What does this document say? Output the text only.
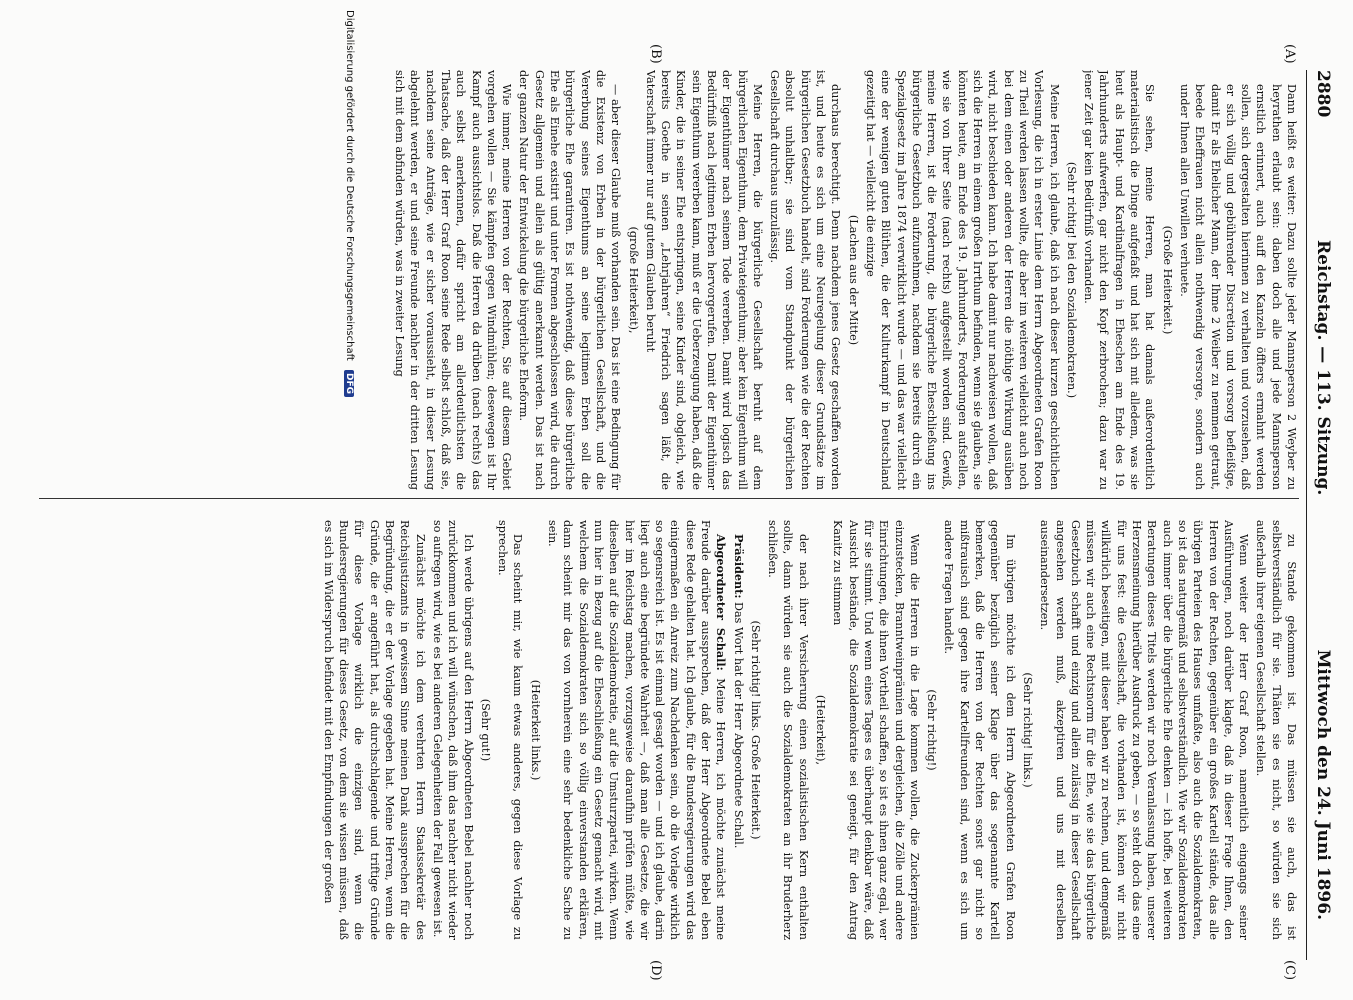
2880
Reichstag. — 113. Sitzung.
Mittwoch den 24. Juni 1896.
(A)
(B)
(C)
(D)

Dann heißt es weiter: Dazu sollte jeder Mannsperson 2 Weyber zu heyrathen erlaubt sein: daben doch alle und jede Mannsperson ernstlich erinnert, auch auff den Kanzeln öffters ermahnt werden sollen, sich dergestalten hierinnen zu verhalten und vorzusehen, daß er sich völlig und gebührender Discretion und vorsorg befleißige, damit Er als Ehelicher Mann, der Ihme 2 Weiber zu nemmen getraut, beede Eheffrauen nicht allein nothwendig versorge, sondern auch under Ihnen allen Unwillen verhuete.

(Große Heiterkeit.)

Sie sehen, meine Herren, man hat damals außerordentlich materialistisch die Dinge aufgefaßt und hat sich mit alledem, was sie heut als Haupt- und Kardinalfragen in Eheschen am Ende des 19. Jahrhunderts aufwerfen, gar nicht den Kopf zerbrochen; dazu war zu jener Zeit gar kein Bedürfniß vorhanden.

(Sehr richtig! bei den Sozialdemokraten.)

Meine Herren, ich glaube, daß ich nach dieser kurzen geschichtlichen Vorlesung, die ich in erster Linie dem Herrn Abgeordneten Grafen Roon zu Theil werden lassen wollte, die aber im weiteren vielleicht auch noch bei dem einen oder anderen der Herren die nöthige Wirkung ausüben wird, nicht beschieden kann. Ich habe damit nur nachweisen wollen, daß sich die Herren in einem großen Irrthum befinden, wenn sie glauben, sie könnten heute, am Ende des 19. Jahrhunderts, Forderungen aufstellen, wie sie von Ihrer Seite (nach rechts) aufgestellt worden sind. Gewiß, meine Herren, ist die Forderung, die bürgerliche Eheschließung ins bürgerliche Gesetzbuch aufzunehmen, nachdem sie bereits durch ein Spezialgesetz im Jahre 1874 verwirklicht wurde — und das war vielleicht eine der wenigen guten Blüthen, die der Kulturkampf in Deutschland gezeitigt hat — vielleicht die einzige

(Lachen aus der Mitte)

durchaus berechtigt. Denn nachdem jenes Gesetz geschaffen worden ist, und heute es sich um eine Neuregelung dieser Grundsätze im bürgerlichen Gesetzbuch handelt, sind Forderungen wie die der Rechten absolut unhaltbar; sie sind vom Standpunkt der bürgerlichen Gesellschaft durchaus unzulässig.

Meine Herren, die bürgerliche Gesellschaft beruht auf dem bürgerlichen Eigenthum, dem Privateigenthum; aber kein Eigenthum will der Eigenthümer nach seinem Tode vererben. Damit wird logisch das Bedürfniß nach legitimen Erben hervorgerufen. Damit der Eigenthümer sein Eigenthum vererben kann, muß er die Ueberzeugung haben, daß die Kinder, die in seiner Ehe entspringen, seine Kinder sind, obgleich, wie bereits Goethe in seinen „Lehrjahren“ Friedrich sagen läßt, die Vaterschaft immer nur auf gutem Glauben beruht

(große Heiterkeit),

— aber dieser Glaube muß vorhanden sein. Das ist eine Bedingung für die Existenz von Erben in der bürgerlichen Gesellschaft, und die Vererbung seines Eigenthums an seine legitimen Erben soll die bürgerliche Ehe garantiren. Es ist nothwendig, daß diese bürgerliche Ehe als Einehe existirt und unter Formen abgeschlossen wird, die durch Gesetz allgemein und allein als gültig anerkannt werden. Das ist nach der ganzen Natur der Entwickelung die bürgerliche Eheform.

Wie immer, meine Herren von der Rechten, Sie auf diesem Gebiet vorgehen wollen — Sie kämpfen gegen Windmühlen; desewegen ist Ihr Kampf auch aussichtslos. Daß die Herren da drüben (nach rechts) das auch selbst anerkennen, dafür spricht am allerdeutlichsten die Thatsache, daß der Herr Graf Roon seine Rede selbst schloß, daß sie, nachdem seine Anträge, wie er sicher voraussieht, in dieser Lesung abgelehnt werden, er und seine Freunde nachher in der dritten Lesung sich mit dem abfinden würden, was in zweiter Lesung

zu Stande gekommen ist. Das müssen sie auch, das ist selbstverständlich für sie. Thäten sie es nicht, so würden sie sich außerhalb ihrer eigenen Gesellschaft stellen.

Wenn weiter der Herr Graf Roon, namentlich eingangs seiner Ausführungen, noch darüber klagte, daß in dieser Frage Ihnen, den Herren von der Rechten, gegenüber ein großes Kartell stände, das alle übrigen Parteien des Hauses umfaßte, also auch die Sozialdemokraten, so ist das naturgemäß und selbstverständlich. Wie wir Sozialdemokraten auch immer über die bürgerliche Ehe denken — ich hoffe, bei weiteren Beratungen dieses Titels werden wir noch Veranlassung haben, unserer Herzensmeinung hierüber Ausdruck zu geben, — so steht doch das eine für uns fest: die Gesellschaft, die vorhanden ist, können wir nicht willkürlich beseitigen, mit dieser haben wir zu rechnen, und demgemäß müssen wir auch eine Rechtsnorm für die Ehe, wie sie das bürgerliche Gesetzbuch schafft und einzig und allein zulässig in dieser Gesellschaft angesehen werden muß, akzeptiren und uns mit derselben auseinandersetzen.

(Sehr richtig! links.)

Im übrigen möchte ich dem Herrn Abgeordneten Grafen Roon gegenüber bezüglich seiner Klage über das sogenannte Kartell bemerken, daß die Herren von der Rechten sonst gar nicht so mißtrauisch sind gegen ihre Kartellfreunden sind, wenn es sich um andere Fragen handelt.

(Sehr richtig!)

Wenn die Herren in die Lage kommen wollen, die Zuckerprämien einzustecken, Branntweinprämien und dergleichen, die Zölle und andere Einrichtungen, die ihnen Vortheil schaffen, so ist es ihnen ganz egal, wer für sie stimmt. Und wenn eines Tages es überhaupt denkbar wäre, daß Aussicht bestände, die Sozialdemokratie sei geneigt, für den Antrag Kanitz zu stimmen

(Heiterkeit),

der nach ihrer Versicherung einen sozialistischen Kern enthalten sollte, dann würden sie auch die Sozialdemokraten an ihr Bruderherz schließen.

(Sehr richtig! links. Große Heiterkeit.)

Präsident: Das Wort hat der Herr Abgeordnete Schall.

Abgeordneter Schall: Meine Herren, ich möchte zunächst meine Freude darüber aussprechen, daß der Herr Abgeordnete Bebel eben diese Rede gehalten hat. Ich glaube, für die Bundesregierungen wird das einigermaßen ein Anreiz zum Nachdenken sein, ob die Vorlage wirklich so segensreich ist. Es ist einmal gesagt worden — und ich glaube, darin liegt auch eine begründete Wahrheit —, daß man alle Gesetze, die wir hier im Reichstag machen, vorzugsweise daraufhin prüfen müßte, wie dieselben auf die Sozialdemokratie, auf die Umsturzpartei, wirken. Wenn nun hier in Bezug auf die Eheschließung ein Gesetz gemacht wird, mit welchem die Sozialdemokraten sich so völlig einverstanden erklären, dann scheint mir das von vornherein eine sehr bedenkliche Sache zu sein.

(Heiterkeit links.)

Das scheint mir, wie kaum etwas anderes, gegen diese Vorlage zu sprechen.

(Sehr gut!)

Ich werde übrigens auf den Herrn Abgeordneten Bebel nachher noch zurückkommen und ich will wünschen, daß ihm das nachher nicht wieder so aufregen wird, wie es bei anderen Gelegenheiten der Fall gewesen ist.

Zunächst möchte ich dem verehrten Herrn Staatssekretär des Reichsjustizamts in gewissem Sinne meinen Dank aussprechen für die Begründung, die er der Vorlage gegeben hat. Meine Herren, wenn die Gründe, die er angeführt hat, als durchschlagende und triftige Gründe für diese Vorlage wirklich die einzigen sind, wenn die Bundesregierungen für dieses Gesetz, von dem sie wissen müssen, daß es sich im Widerspruch befindet mit den Empfindungen der großen

Digitalisierung gefördert durch die Deutsche Forschungsgemeinschaft DFG
